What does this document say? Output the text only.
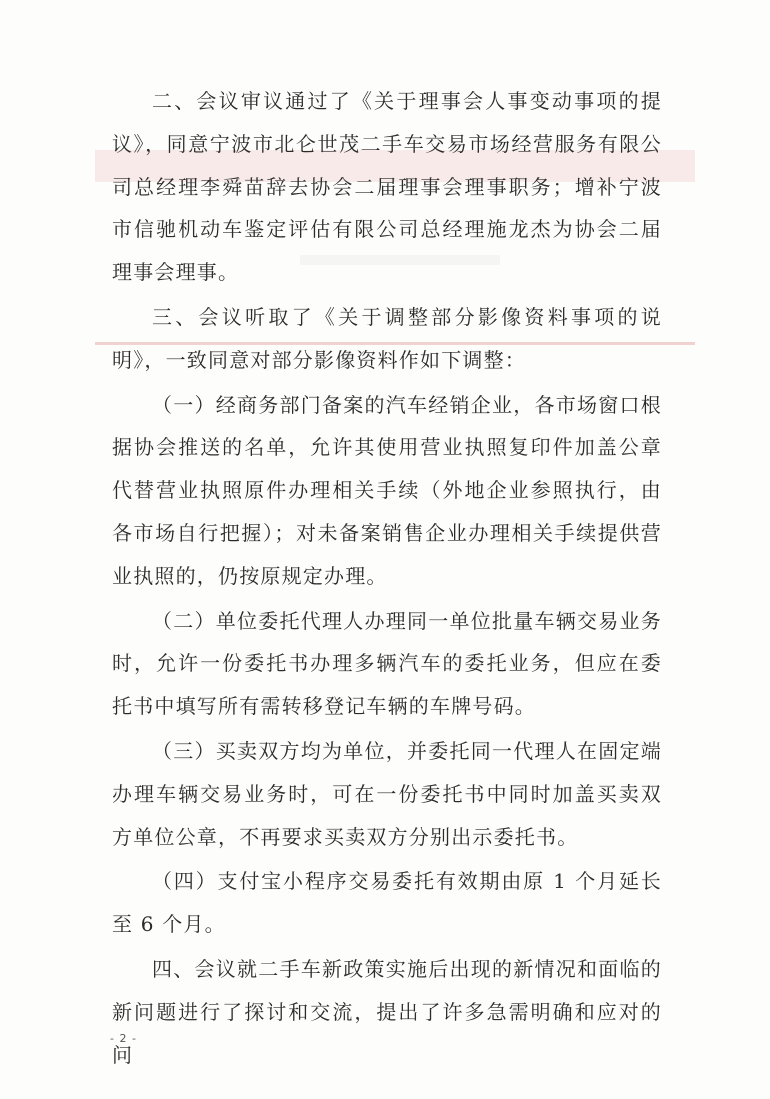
二、会议审议通过了《关于理事会人事变动事项的提议》，同意宁波市北仑世茂二手车交易市场经营服务有限公司总经理李舜苗辞去协会二届理事会理事职务；增补宁波市信驰机动车鉴定评估有限公司总经理施龙杰为协会二届理事会理事。

三、会议听取了《关于调整部分影像资料事项的说明》，一致同意对部分影像资料作如下调整：

（一）经商务部门备案的汽车经销企业，各市场窗口根据协会推送的名单，允许其使用营业执照复印件加盖公章代替营业执照原件办理相关手续（外地企业参照执行，由各市场自行把握）；对未备案销售企业办理相关手续提供营业执照的，仍按原规定办理。

（二）单位委托代理人办理同一单位批量车辆交易业务时，允许一份委托书办理多辆汽车的委托业务，但应在委托书中填写所有需转移登记车辆的车牌号码。

（三）买卖双方均为单位，并委托同一代理人在固定端办理车辆交易业务时，可在一份委托书中同时加盖买卖双方单位公章，不再要求买卖双方分别出示委托书。

（四）支付宝小程序交易委托有效期由原 1 个月延长至 6 个月。

四、会议就二手车新政策实施后出现的新情况和面临的新问题进行了探讨和交流，提出了许多急需明确和应对的问

- 2 -
